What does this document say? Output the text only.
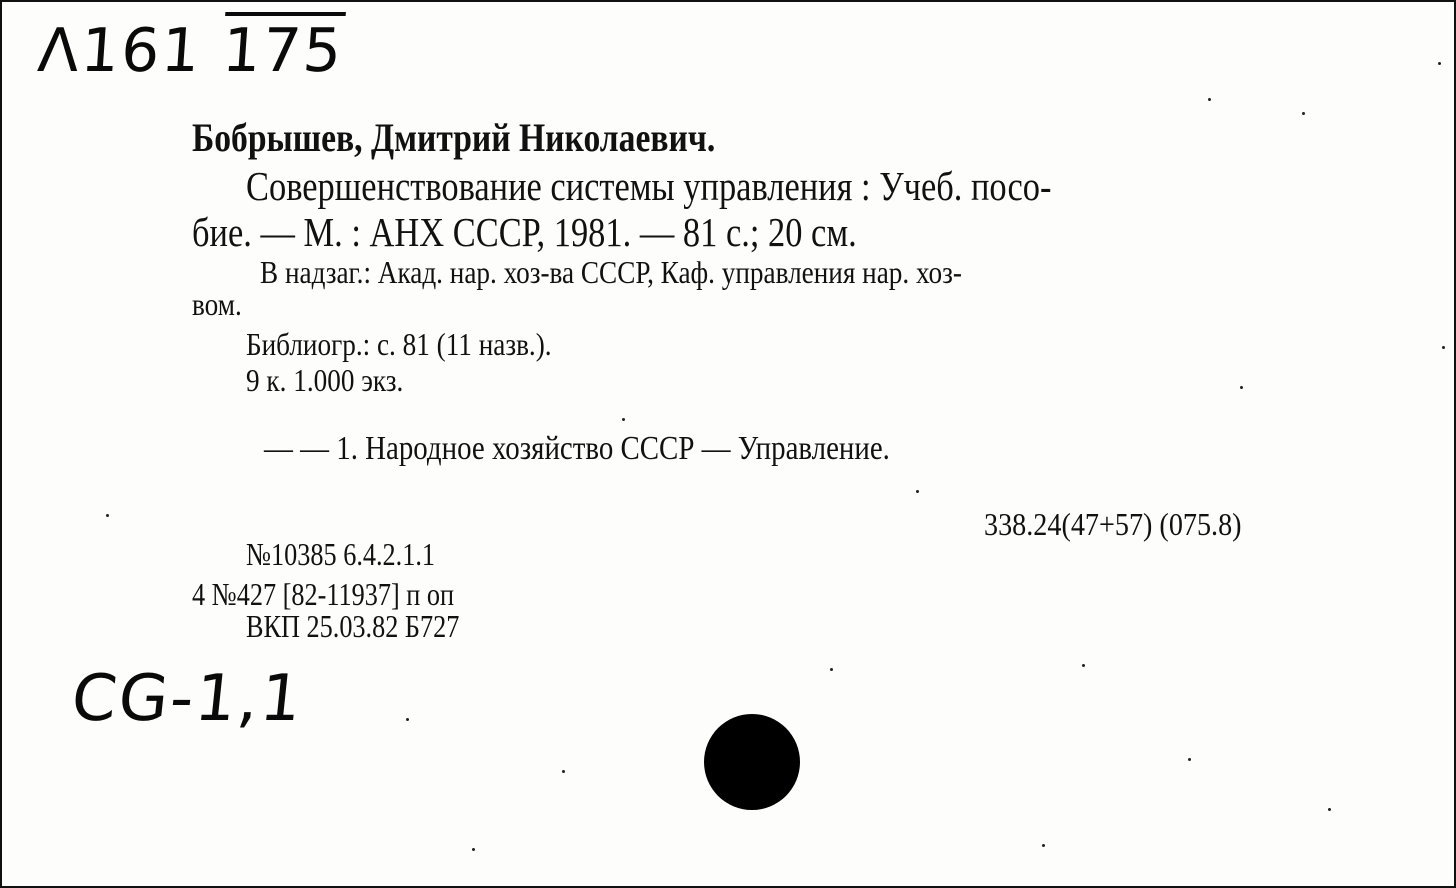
Λ161 175
Бобрышев, Дмитрий Николаевич.
Совершенствование системы управления : Учеб. посо-
бие. — М. : АНХ СССР, 1981. — 81 с.; 20 см.
В надзаг.: Акад. нар. хоз-ва СССР, Каф. управления нар. хоз-
вом.
Библиогр.: с. 81 (11 назв.).
9 к. 1.000 экз.
— — 1. Народное хозяйство СССР — Управление.
338.24(47+57) (075.8)
№10385 6.4.2.1.1
4 №427 [82-11937] п оп
ВКП 25.03.82 Б727
CG-1,1
